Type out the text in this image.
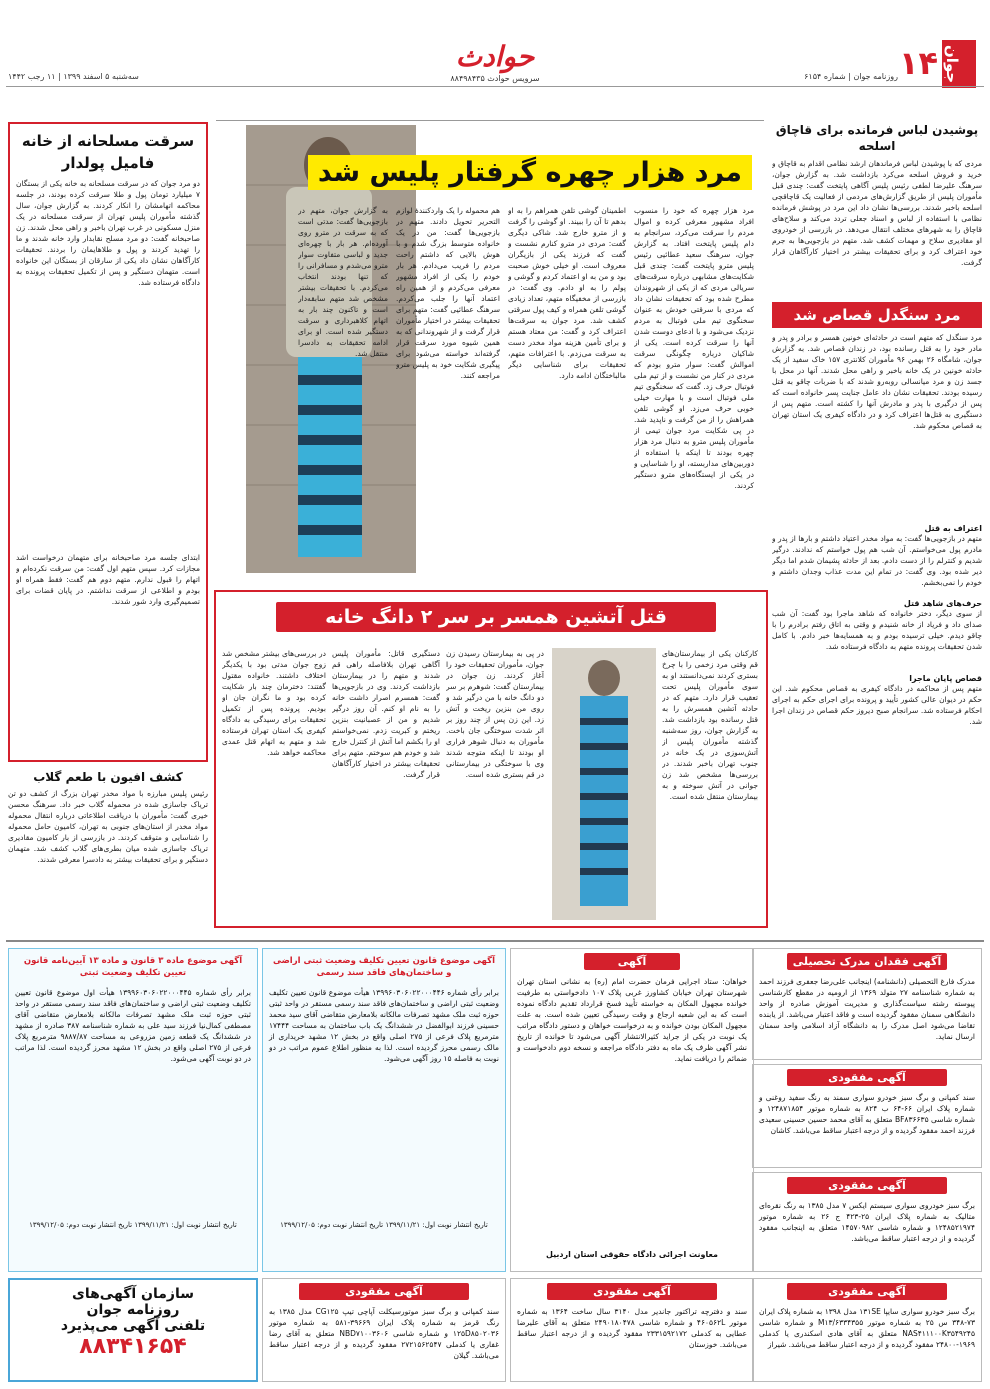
جوان
۱۴
روزنامه جوان | شماره ۶۱۵۴
حوادث
سرویس حوادث ۸۸۴۹۸۴۳۵
سه‌شنبه ۵ اسفند ۱۳۹۹ | ۱۱ رجب ۱۴۴۲
پوشیدن لباس فرمانده برای قاچاق اسلحه
مردی که با پوشیدن لباس فرماندهان ارشد نظامی اقدام به قاچاق و خرید و فروش اسلحه می‌کرد بازداشت شد. به گزارش جوان، سرهنگ علیرضا لطفی رئیس پلیس آگاهی پایتخت گفت: چندی قبل مأموران پلیس از طریق گزارش‌های مردمی از فعالیت یک قاچاقچی اسلحه باخبر شدند. بررسی‌ها نشان داد این مرد در پوشش فرمانده نظامی با استفاده از لباس و اسناد جعلی تردد می‌کند و سلاح‌های قاچاق را به شهرهای مختلف انتقال می‌دهد. در بازرسی از خودروی او مقادیری سلاح و مهمات کشف شد. متهم در بازجویی‌ها به جرم خود اعتراف کرد و برای تحقیقات بیشتر در اختیار کارآگاهان قرار گرفت.
مرد سنگدل قصاص شد
مرد سنگدل که متهم است در حادثه‌ای خونین همسر و برادر و پدر و مادر خود را به قتل رسانده بود، در زندان قصاص شد. به گزارش جوان، شامگاه ۲۶ بهمن ۹۶ مأموران کلانتری ۱۵۷ خاک سفید از یک حادثه خونین در یک خانه باخبر و راهی محل شدند. آنها در محل با جسد زن و مرد میانسالی روبه‌رو شدند که با ضربات چاقو به قتل رسیده بودند. تحقیقات نشان داد عامل جنایت پسر خانواده است که پس از درگیری با پدر و مادرش آنها را کشته است. متهم پس از دستگیری به قتل‌ها اعتراف کرد و در دادگاه کیفری یک استان تهران به قصاص محکوم شد.
اعتراف به قتل
متهم در بازجویی‌ها گفت: به مواد مخدر اعتیاد داشتم و بارها از پدر و مادرم پول می‌خواستم. آن شب هم پول خواستم که ندادند. درگیر شدیم و کنترلم را از دست دادم. بعد از حادثه پشیمان شدم اما دیگر دیر شده بود. وی گفت: در تمام این مدت عذاب وجدان داشتم و خودم را نمی‌بخشم.
حرف‌های شاهد قتل
از سوی دیگر، دختر خانواده که شاهد ماجرا بود گفت: آن شب صدای داد و فریاد از خانه شنیدم و وقتی به اتاق رفتم برادرم را با چاقو دیدم. خیلی ترسیده بودم و به همسایه‌ها خبر دادم. با کامل شدن تحقیقات پرونده متهم به دادگاه فرستاده شد.
قصاص پایان ماجرا
متهم پس از محاکمه در دادگاه کیفری به قصاص محکوم شد. این حکم در دیوان عالی کشور تأیید و پرونده برای اجرای حکم به اجرای احکام فرستاده شد. سرانجام صبح دیروز حکم قصاص در زندان اجرا شد.
مرد هزار چهره گرفتار پلیس شد
مرد هزار چهره که خود را منسوب افراد مشهور معرفی کرده و اموال مردم را سرقت می‌کرد، سرانجام به دام پلیس پایتخت افتاد. به گزارش جوان، سرهنگ سعید عطائیی رئیس پلیس مترو پایتخت گفت: چندی قبل شکایت‌های مشابهی درباره سرقت‌های سریالی مردی که از یکی از شهروندان مطرح شده بود که تحقیقات نشان داد که مردی با سرقتی خودش به عنوان سخنگوی تیم ملی فوتبال به مردم نزدیک می‌شود و با ادعای دوست شدن آنها را سرقت کرده است. یکی از شاکیان درباره چگونگی سرقت اموالش گفت: سوار مترو بودم که مردی در کنار من نشست و از تیم ملی فوتبال حرف زد. گفت که سخنگوی تیم ملی فوتبال است و با مهارت خیلی خوبی حرف می‌زد. او گوشی تلفن همراهش را از من گرفت و ناپدید شد. در پی شکایت مرد جوان تیمی از مأموران پلیس مترو به دنبال مرد هزار چهره بودند تا اینکه با استفاده از دوربین‌های مداربسته، او را شناسایی و در یکی از ایستگاه‌های مترو دستگیر کردند.
اطمینان گوشی تلفن همراهم را به او بدهم تا آن را ببیند. او گوشی را گرفت و از مترو خارج شد. شاکی دیگری گفت: مردی در مترو کنارم نشست و گفت که فرزند یکی از بازیگران معروف است. او خیلی خوش صحبت بود و من به او اعتماد کردم و گوشی و پولم را به او دادم. وی گفت: در بازرسی از مخفیگاه متهم، تعداد زیادی گوشی تلفن همراه و کیف پول سرقتی کشف شد. مرد جوان به سرقت‌ها اعتراف کرد و گفت: من معتاد هستم و برای تأمین هزینه مواد مخدر دست به سرقت می‌زدم. با اعترافات متهم، تحقیقات برای شناسایی دیگر مالباختگان ادامه دارد.
هم محموله را یک واردکنندهٔ لوازم التحریر تحویل دادند. متهم در بازجویی‌ها گفت: من در یک خانواده متوسط بزرگ شدم و با هوش بالایی که داشتم راحت مردم را فریب می‌دادم. هر بار خودم را یکی از افراد مشهور معرفی می‌کردم و از همین راه اعتماد آنها را جلب می‌کردم. سرهنگ عطائیی گفت: متهم برای تحقیقات بیشتر در اختیار مأموران قرار گرفت و از شهروندانی که به همین شیوه مورد سرقت قرار گرفته‌اند خواسته می‌شود برای پیگیری شکایت خود به پلیس مترو مراجعه کنند.
به گزارش جوان، متهم در بازجویی‌ها گفت: مدتی است که به سرقت در مترو روی آورده‌ام. هر بار با چهره‌ای جدید و لباسی متفاوت سوار مترو می‌شدم و مسافرانی را که تنها بودند انتخاب می‌کردم. با تحقیقات بیشتر مشخص شد متهم سابقه‌دار است و تاکنون چند بار به اتهام کلاهبرداری و سرقت دستگیر شده است. او برای ادامه تحقیقات به دادسرا منتقل شد.
سرقت مسلحانه از خانه فامیل پولدار
دو مرد جوان که در سرقت مسلحانه به خانه یکی از بستگان ۷ میلیارد تومان پول و طلا سرقت کرده بودند، در جلسه محاکمه اتهامشان را انکار کردند. به گزارش جوان، سال گذشته مأموران پلیس تهران از سرقت مسلحانه در یک منزل مسکونی در غرب تهران باخبر و راهی محل شدند. زن صاحبخانه گفت: دو مرد مسلح نقابدار وارد خانه شدند و ما را تهدید کردند و پول و طلاهایمان را بردند. تحقیقات کارآگاهان نشان داد یکی از سارقان از بستگان این خانواده است. متهمان دستگیر و پس از تکمیل تحقیقات پرونده به دادگاه فرستاده شد.
ابتدای جلسه مرد صاحبخانه برای متهمان درخواست اشد مجازات کرد. سپس متهم اول گفت: من سرقت نکرده‌ام و اتهام را قبول ندارم. متهم دوم هم گفت: فقط همراه او بودم و اطلاعی از سرقت نداشتم. در پایان قضات برای تصمیم‌گیری وارد شور شدند.
کشف افیون با طعم گلاب
رئیس پلیس مبارزه با مواد مخدر تهران بزرگ از کشف دو تن تریاک جاسازی شده در محموله گلاب خبر داد. سرهنگ محسن خیری گفت: مأموران با دریافت اطلاعاتی درباره انتقال محموله مواد مخدر از استان‌های جنوبی به تهران، کامیون حامل محموله را شناسایی و متوقف کردند. در بازرسی از بار کامیون مقادیری تریاک جاسازی شده میان بطری‌های گلاب کشف شد. متهمان دستگیر و برای تحقیقات بیشتر به دادسرا معرفی شدند.
قتل آتشین همسر بر سر ۲ دانگ خانه
کارکنان یکی از بیمارستان‌های قم وقتی مرد زخمی را با چرخ بستری کردند نمی‌دانستند او به سوی مأموران پلیس تحت تعقیب قرار دارد. متهم که در حادثه آتشین همسرش را به قتل رسانده بود بازداشت شد. به گزارش جوان، روز سه‌شنبه گذشته مأموران پلیس از آتش‌سوزی در یک خانه در جنوب تهران باخبر شدند. در بررسی‌ها مشخص شد زن جوانی در آتش سوخته و به بیمارستان منتقل شده است.
در پی به بیمارستان رسیدن زن جوان، مأموران تحقیقات خود را آغاز کردند. زن جوان در بیمارستان گفت: شوهرم بر سر دو دانگ خانه با من درگیر شد و روی من بنزین ریخت و آتش زد. این زن پس از چند روز بر اثر شدت سوختگی جان باخت. مأموران به دنبال شوهر فراری او بودند تا اینکه متوجه شدند وی با سوختگی در بیمارستانی در قم بستری شده است.
دستگیری قاتل: مأموران پلیس آگاهی تهران بلافاصله راهی قم شدند و متهم را در بیمارستان بازداشت کردند. وی در بازجویی‌ها گفت: همسرم اصرار داشت خانه را به نام او کنم. آن روز درگیر شدیم و من از عصبانیت بنزین ریختم و کبریت زدم. نمی‌خواستم او را بکشم اما آتش از کنترل خارج شد و خودم هم سوختم. متهم برای تحقیقات بیشتر در اختیار کارآگاهان قرار گرفت.
در بررسی‌های بیشتر مشخص شد زوج جوان مدتی بود با یکدیگر اختلاف داشتند. خانواده مقتول گفتند: دخترمان چند بار شکایت کرده بود و ما نگران جان او بودیم. پرونده پس از تکمیل تحقیقات برای رسیدگی به دادگاه کیفری یک استان تهران فرستاده شد و متهم به اتهام قتل عمدی محاکمه خواهد شد.
آگهی فقدان مدرک تحصیلی
مدرک فارغ التحصیلی (دانشنامه) اینجانب علی‌رضا جعفری فرزند احمد به شماره شناسنامه ۲۷ متولد ۱۳۶۹ از ارومیه در مقطع کارشناسی پیوسته رشته سیاست‌گذاری و مدیریت آموزش صادره از واحد دانشگاهی سمنان مفقود گردیده است و فاقد اعتبار می‌باشد. از یابنده تقاضا می‌شود اصل مدرک را به دانشگاه آزاد اسلامی واحد سمنان ارسال نماید.
آگهی مفقودی
سند کمپانی و برگ سبز خودرو سواری سمند به رنگ سفید روغنی و شماره پلاک ایران ۶۶-۶۴ ب ۸۲۴ به شماره موتور ۱۲۴۸۷۱۸۵۴ و شماره شاسی BF۸۳۶۶۳۵ متعلق به آقای محمد حسین حسینی سعیدی فرزند احمد مفقود گردیده و از درجه اعتبار ساقط می‌باشد. کاشان
آگهی مفقودی
برگ سبز خودروی سواری سیستم ایکس ۷ مدل ۱۳۸۵ به رنگ نقره‌ای متالیک به شماره پلاک ایران ۲۵-۴۲۳ ج ۲۶ به شماره موتور ۱۲۴۸۵۲۱۹۷۴ و شماره شاسی ۱۴۵۷۰۹۸۲ متعلق به اینجانب مفقود گردیده و از درجه اعتبار ساقط می‌باشد.
آگهی مفقودی
برگ سبز خودرو سواری سایپا ۱۳۱SE مدل ۱۳۹۸ به شماره پلاک ایران ۷۳-۳۴۸ س ۲۵ به شماره موتور M۱۳/۶۳۳۴۳۵۵ و شماره شاسی NAS۴۱۱۱۰۰K۳۵۴۹۲۴۵ متعلق به آقای هادی اسکندری یا کدملی ۱۹۶۹-۲۴۸۰۰ مفقود گردیده و از درجه اعتبار ساقط می‌باشد. شیراز
آگهی
خواهان: ستاد اجرایی فرمان حضرت امام (ره) به نشانی استان تهران شهرستان تهران خیابان کشاورز غربی پلاک ۱۰۷ دادخواستی به طرفیت خوانده مجهول المکان به خواسته تأیید فسخ قرارداد تقدیم دادگاه نموده است که به این شعبه ارجاع و وقت رسیدگی تعیین شده است. به علت مجهول المکان بودن خوانده و به درخواست خواهان و دستور دادگاه مراتب یک نوبت در یکی از جراید کثیرالانتشار آگهی می‌شود تا خوانده از تاریخ نشر آگهی ظرف یک ماه به دفتر دادگاه مراجعه و نسخه دوم دادخواست و ضمائم را دریافت نماید.
معاونت اجرائی دادگاه حقوقی استان اردبیل
آگهی مفقودی
سند کمپانی و برگ سبز موتورسیکلت آپاچی تیپ CG۱۲۵ مدل ۱۳۸۵ به رنگ قرمز به شماره پلاک ایران ۳۹۶۶۹-۵۸۱ به شماره موتور ۱۲۵D۸۵۰۲۰۳۶ و شماره شاسی NBD۷۱۰۰۳۶۰۶ متعلق به آقای رضا غفاری یا کدملی ۲۷۲۱۵۶۲۵۴۷ مفقود گردیده و از درجه اعتبار ساقط می‌باشد. گیلان
آگهی مفقودی
سند و دفترچه تراکتور جاندیر مدل ۳۱۴۰ سال ساخت ۱۳۶۴ به شماره موتور ۴۶۰۵۶۲L و شماره شاسی ۲۴۹۰۱۸۰۴۷۸ متعلق به آقای علیرضا عطایی به کدملی ۲۳۳۱۵۹۲۱۷۲ مفقود گردیده و از درجه اعتبار ساقط می‌باشد. خوزستان
آگهی موضوع قانون تعیین تکلیف وضعیت ثبتی اراضی و ساختمان‌های فاقد سند رسمی
برابر رأی شماره ۱۳۹۹۶۰۳۰۶۰۲۲۰۰۰۴۴۶ هیأت موضوع قانون تعیین تکلیف وضعیت ثبتی اراضی و ساختمان‌های فاقد سند رسمی مستقر در واحد ثبتی حوزه ثبت ملک مشهد تصرفات مالکانه بلامعارض متقاضی آقای سید محمد حسینی فرزند ابوالفضل در ششدانگ یک باب ساختمان به مساحت ۱۷۴۴۴ مترمربع پلاک فرعی از ۲۷۵ اصلی واقع در بخش ۱۲ مشهد خریداری از مالک رسمی محرز گردیده است. لذا به منظور اطلاع عموم مراتب در دو نوبت به فاصله ۱۵ روز آگهی می‌شود.
تاریخ انتشار نوبت اول: ۱۳۹۹/۱۱/۲۱ تاریخ انتشار نوبت دوم: ۱۳۹۹/۱۲/۰۵
آگهی موضوع ماده ۳ قانون و ماده ۱۳ آیین‌نامه قانون تعیین تکلیف وضعیت ثبتی
برابر رأی شماره ۱۳۹۹۶۰۳۰۶۰۲۲۰۰۰۴۴۵ هیأت اول موضوع قانون تعیین تکلیف وضعیت ثبتی اراضی و ساختمان‌های فاقد سند رسمی مستقر در واحد ثبتی حوزه ثبت ملک مشهد تصرفات مالکانه بلامعارض متقاضی آقای مصطفی کمال‌نیا فرزند سید علی به شماره شناسنامه ۳۸۷ صادره از مشهد در ششدانگ یک قطعه زمین مزروعی به مساحت ۹۸۸۷/۸۷ مترمربع پلاک فرعی از ۲۷۵ اصلی واقع در بخش ۱۲ مشهد محرز گردیده است. لذا مراتب در دو نوبت آگهی می‌شود.
تاریخ انتشار نوبت اول: ۱۳۹۹/۱۱/۲۱ تاریخ انتشار نوبت دوم: ۱۳۹۹/۱۲/۰۵
سازمان آگهی‌های
روزنامه جوان
تلفنی آگهی می‌پذیرد
۸۸۳۴۱۶۵۴
